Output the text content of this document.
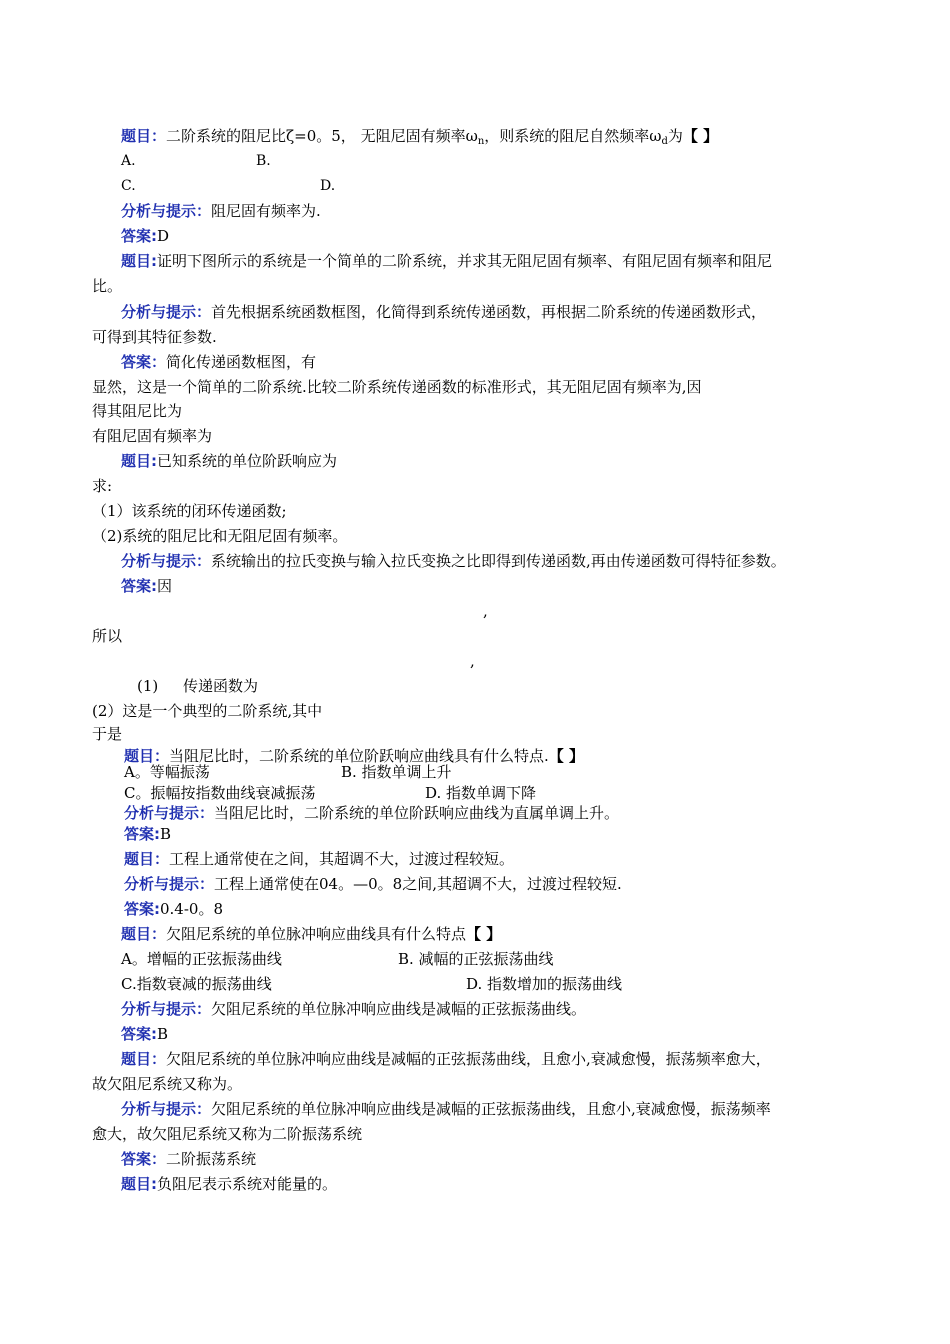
题目：二阶系统的阻尼比ζ=0。5， 无阻尼固有频率$\omega_n$，则系统的阻尼自然频率$\omega_d$为【 】
A.	B.
C.	D.
分析与提示：阻尼固有频率为.
答案:D
题目:证明下图所示的系统是一个简单的二阶系统，并求其无阻尼固有频率、有阻尼固有频率和阻尼
比。
分析与提示：首先根据系统函数框图，化简得到系统传递函数，再根据二阶系统的传递函数形式，
可得到其特征参数.
答案：简化传递函数框图，有
显然，这是一个简单的二阶系统.比较二阶系统传递函数的标准形式，其无阻尼固有频率为,因
得其阻尼比为
有阻尼固有频率为
题目:已知系统的单位阶跃响应为
求:
（1）该系统的闭环传递函数;
（2)系统的阻尼比和无阻尼固有频率。
分析与提示：系统输出的拉氏变换与输入拉氏变换之比即得到传递函数,再由传递函数可得特征参数。
答案:因
,
所以
,
(1) 传递函数为
(2）这是一个典型的二阶系统,其中
于是
题目：当阻尼比时，二阶系统的单位阶跃响应曲线具有什么特点.【 】
A。等幅振荡	B. 指数单调上升
C。振幅按指数曲线衰减振荡	D. 指数单调下降
分析与提示：当阻尼比时，二阶系统的单位阶跃响应曲线为直属单调上升。
答案:B
题目：工程上通常使在之间，其超调不大，过渡过程较短。
分析与提示：工程上通常使在04。—0。8之间,其超调不大，过渡过程较短.
答案:0.4-0。8
题目：欠阻尼系统的单位脉冲响应曲线具有什么特点【 】
A。增幅的正弦振荡曲线	B. 减幅的正弦振荡曲线
C.指数衰减的振荡曲线	D. 指数增加的振荡曲线
分析与提示：欠阻尼系统的单位脉冲响应曲线是减幅的正弦振荡曲线。
答案:B
题目：欠阻尼系统的单位脉冲响应曲线是减幅的正弦振荡曲线，且愈小,衰减愈慢，振荡频率愈大，
故欠阻尼系统又称为。
分析与提示：欠阻尼系统的单位脉冲响应曲线是减幅的正弦振荡曲线，且愈小,衰减愈慢，振荡频率
愈大，故欠阻尼系统又称为二阶振荡系统
答案：二阶振荡系统
题目:负阻尼表示系统对能量的。
